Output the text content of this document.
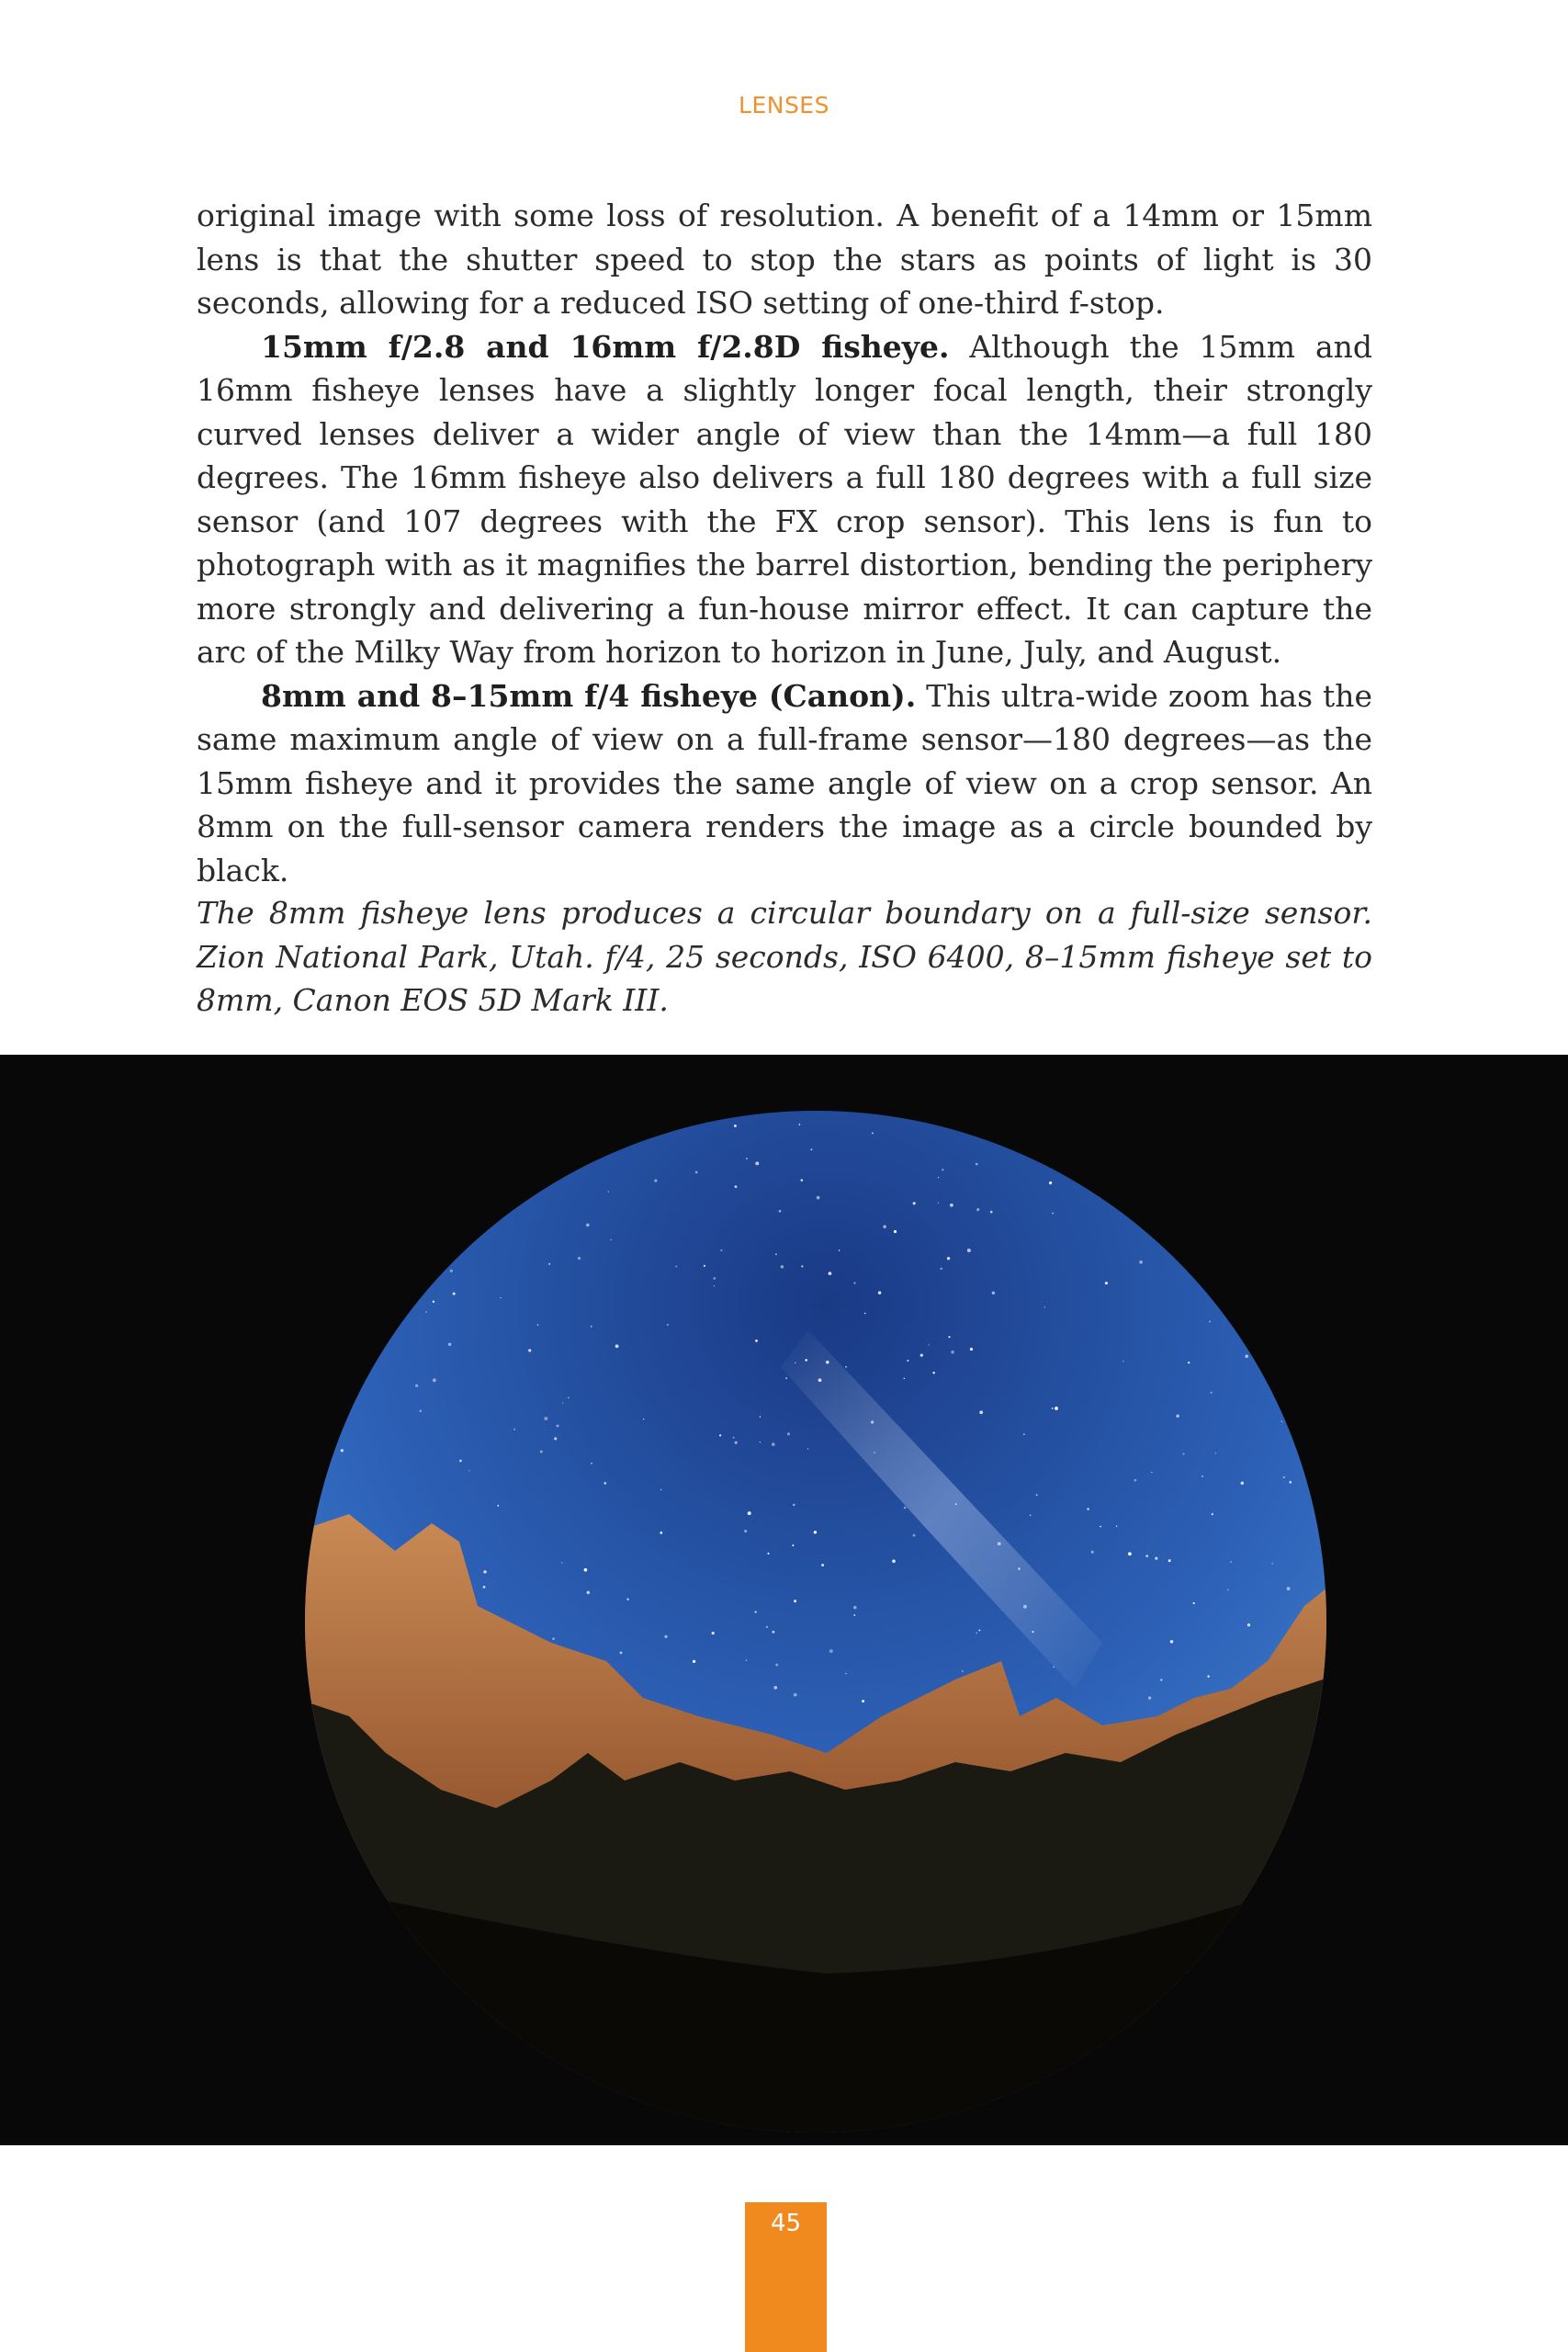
LENSES

original image with some loss of resolution. A benefit of a 14mm or 15mm lens is that the shutter speed to stop the stars as points of light is 30 seconds, allowing for a reduced ISO setting of one-third f-stop.

15mm f/2.8 and 16mm f/2.8D fisheye. Although the 15mm and 16mm fisheye lenses have a slightly longer focal length, their strongly curved lenses deliver a wider angle of view than the 14mm—a full 180 degrees. The 16mm fisheye also delivers a full 180 degrees with a full size sensor (and 107 degrees with the FX crop sensor). This lens is fun to photograph with as it magnifies the barrel distortion, bending the periphery more strongly and delivering a fun-house mirror effect. It can capture the arc of the Milky Way from horizon to horizon in June, July, and August.

8mm and 8–15mm f/4 fisheye (Canon). This ultra-wide zoom has the same maximum angle of view on a full-frame sensor—180 degrees—as the 15mm fisheye and it provides the same angle of view on a crop sensor. An 8mm on the full-sensor camera renders the image as a circle bounded by black.

The 8mm fisheye lens produces a circular boundary on a full-size sensor. Zion National Park, Utah. f/4, 25 seconds, ISO 6400, 8–15mm fisheye set to 8mm, Canon EOS 5D Mark III.

45
